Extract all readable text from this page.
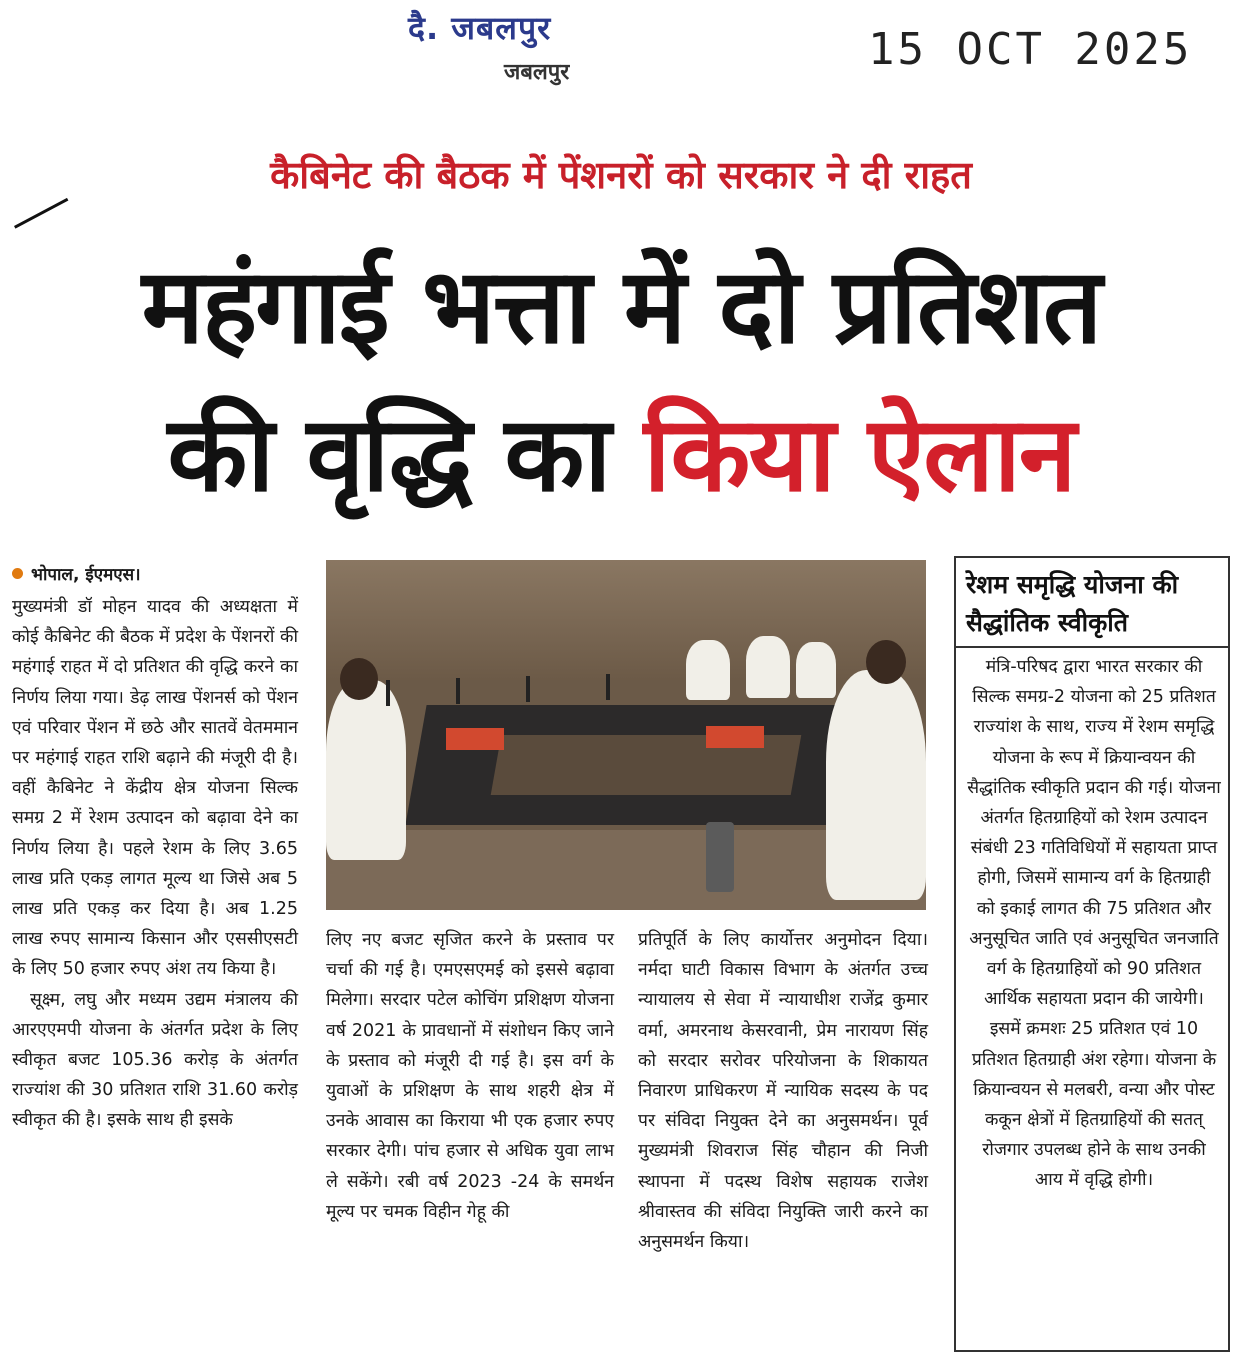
दै. जबलपुर
जबलपुर	15 OCT 2025
कैबिनेट की बैठक में पेंशनरों को सरकार ने दी राहत
महंगाई भत्ता में दो प्रतिशत
की वृद्धि का किया ऐलान
भोपाल, ईएमएस।

मुख्यमंत्री डॉ मोहन यादव की अध्यक्षता में कोई कैबिनेट की बैठक में प्रदेश के पेंशनरों की महंगाई राहत में दो प्रतिशत की वृद्धि करने का निर्णय लिया गया। डेढ़ लाख पेंशनर्स को पेंशन एवं परिवार पेंशन में छठे और सातवें वेतममान पर महंगाई राहत राशि बढ़ाने की मंजूरी दी है। वहीं कैबिनेट ने केंद्रीय क्षेत्र योजना सिल्क समग्र 2 में रेशम उत्पादन को बढ़ावा देने का निर्णय लिया है। पहले रेशम के लिए 3.65 लाख प्रति एकड़ लागत मूल्य था जिसे अब 5 लाख प्रति एकड़ कर दिया है। अब 1.25 लाख रुपए सामान्य किसान और एससीएसटी के लिए 50 हजार रुपए अंश तय किया है।

सूक्ष्म, लघु और मध्यम उद्यम मंत्रालय की आरएएमपी योजना के अंतर्गत प्रदेश के लिए स्वीकृत बजट 105.36 करोड़ के अंतर्गत राज्यांश की 30 प्रतिशत राशि 31.60 करोड़ स्वीकृत की है। इसके साथ ही इसके

लिए नए बजट सृजित करने के प्रस्ताव पर चर्चा की गई है। एमएसएमई को इससे बढ़ावा मिलेगा। सरदार पटेल कोचिंग प्रशिक्षण योजना वर्ष 2021 के प्रावधानों में संशोधन किए जाने के प्रस्ताव को मंजूरी दी गई है। इस वर्ग के युवाओं के प्रशिक्षण के साथ शहरी क्षेत्र में उनके आवास का किराया भी एक हजार रुपए सरकार देगी। पांच हजार से अधिक युवा लाभ ले सकेंगे। रबी वर्ष 2023 -24 के समर्थन मूल्य पर चमक विहीन गेहू की

प्रतिपूर्ति के लिए कार्योत्तर अनुमोदन दिया। नर्मदा घाटी विकास विभाग के अंतर्गत उच्च न्यायालय से सेवा में न्यायाधीश राजेंद्र कुमार वर्मा, अमरनाथ केसरवानी, प्रेम नारायण सिंह को सरदार सरोवर परियोजना के शिकायत निवारण प्राधिकरण में न्यायिक सदस्य के पद पर संविदा नियुक्त देने का अनुसमर्थन। पूर्व मुख्यमंत्री शिवराज सिंह चौहान की निजी स्थापना में पदस्थ विशेष सहायक राजेश श्रीवास्तव की संविदा नियुक्ति जारी करने का अनुसमर्थन किया।

रेशम समृद्धि योजना की सैद्धांतिक स्वीकृति
मंत्रि-परिषद द्वारा भारत सरकार की सिल्क समग्र-2 योजना को 25 प्रतिशत राज्यांश के साथ, राज्य में रेशम समृद्धि योजना के रूप में क्रियान्वयन की सैद्धांतिक स्वीकृति प्रदान की गई। योजना अंतर्गत हितग्राहियों को रेशम उत्पादन संबंधी 23 गतिविधियों में सहायता प्राप्त होगी, जिसमें सामान्य वर्ग के हितग्राही को इकाई लागत की 75 प्रतिशत और अनुसूचित जाति एवं अनुसूचित जनजाति वर्ग के हितग्राहियों को 90 प्रतिशत आर्थिक सहायता प्रदान की जायेगी। इसमें क्रमशः 25 प्रतिशत एवं 10 प्रतिशत हितग्राही अंश रहेगा। योजना के क्रियान्वयन से मलबरी, वन्या और पोस्ट ककून क्षेत्रों में हितग्राहियों की सतत् रोजगार उपलब्ध होने के साथ उनकी आय में वृद्धि होगी।
